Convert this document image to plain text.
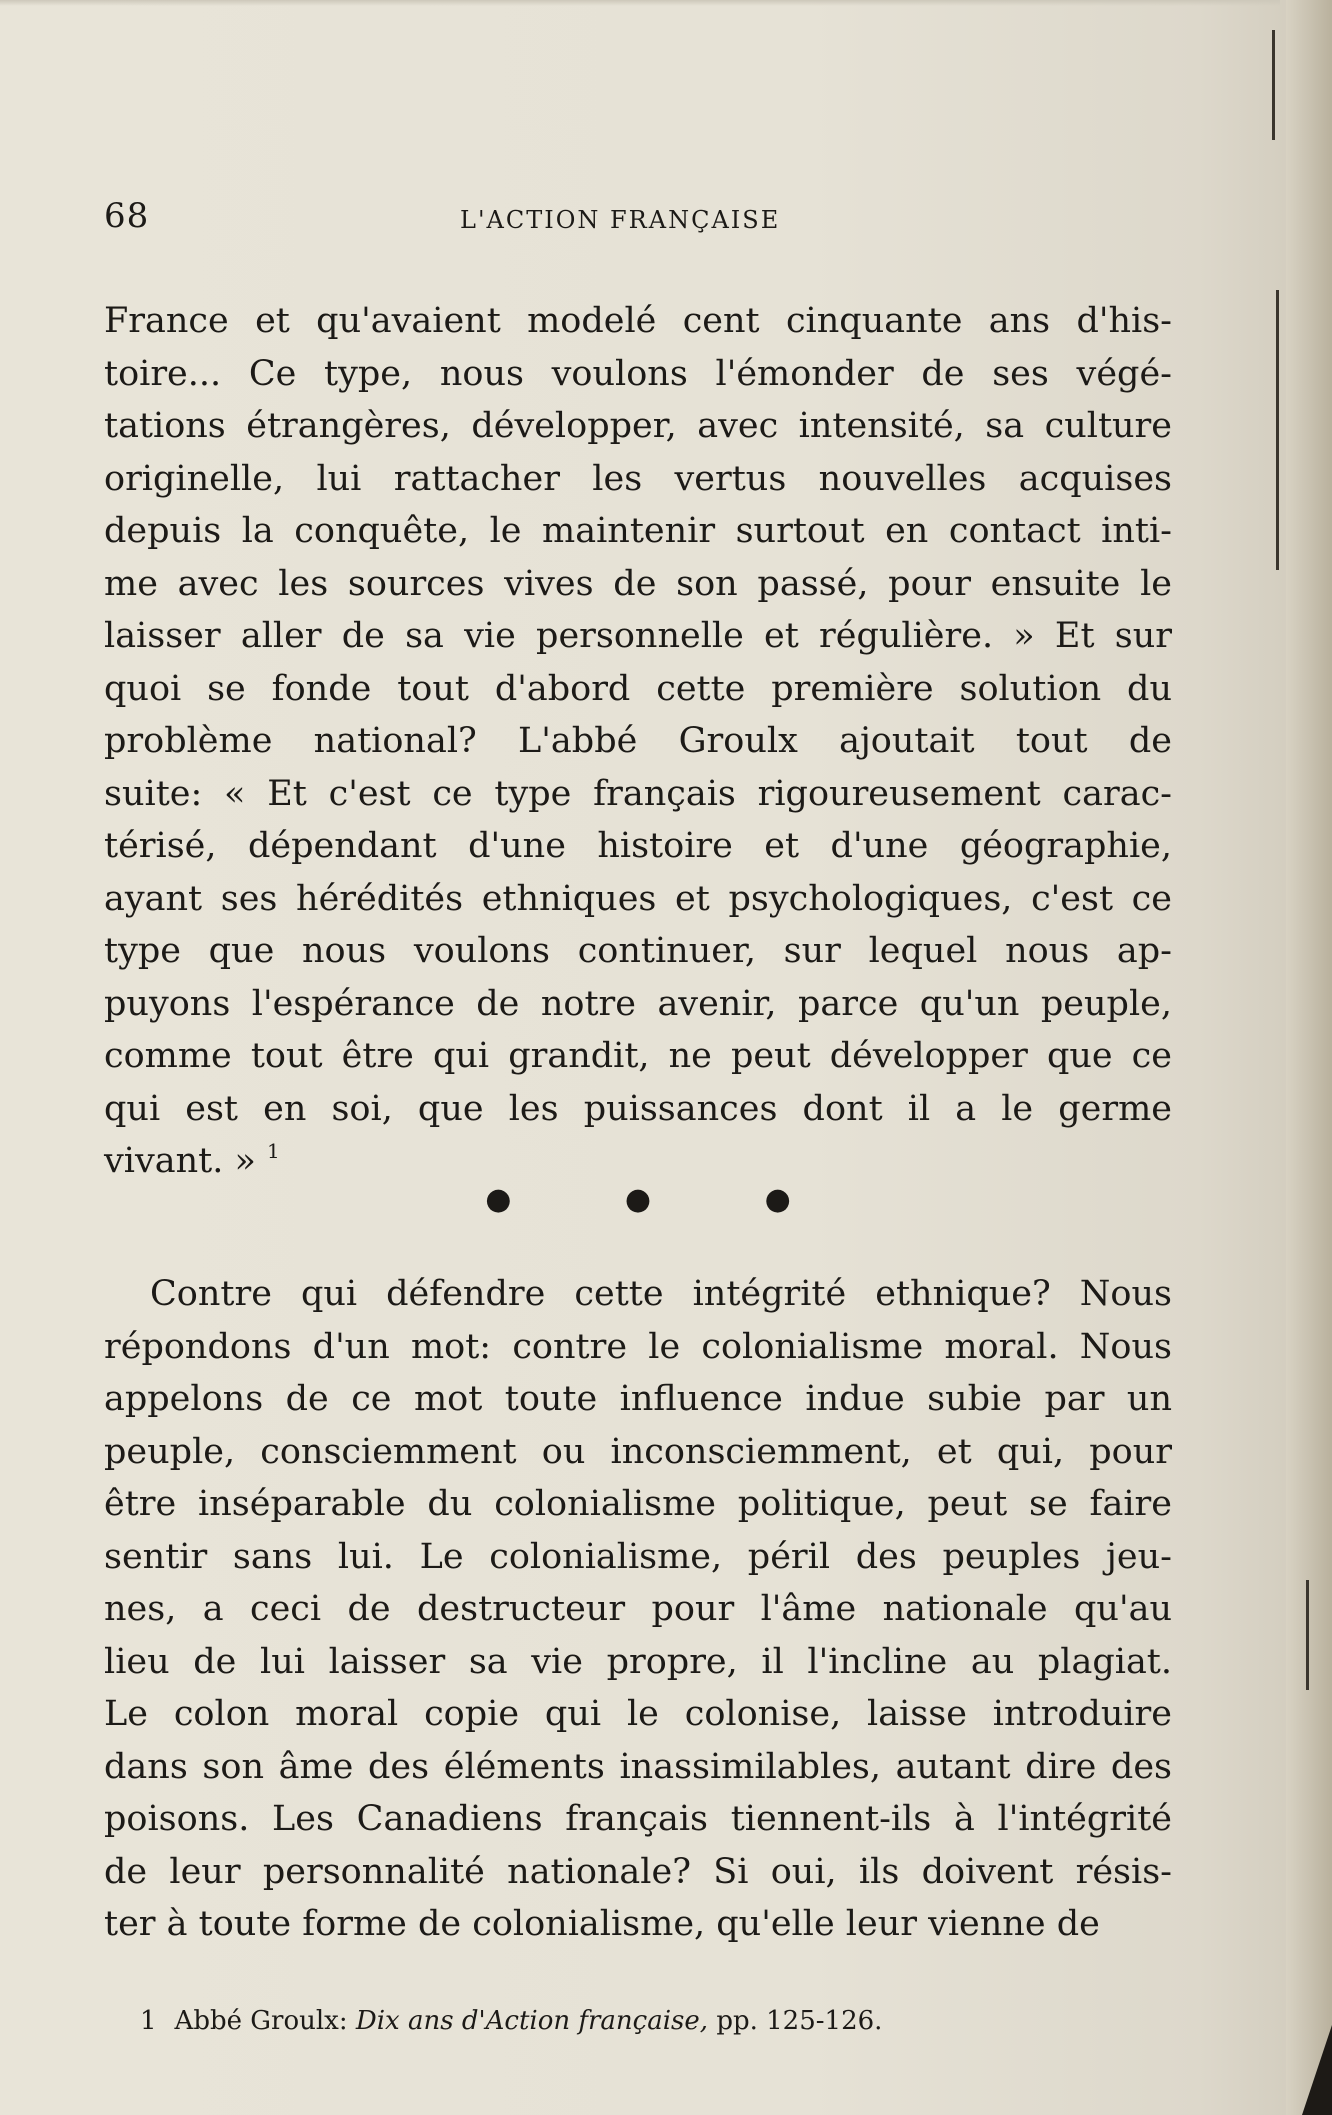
68	L'ACTION FRANÇAISE

France et qu'avaient modelé cent cinquante ans d'his-

toire... Ce type, nous voulons l'émonder de ses végé-

tations étrangères, développer, avec intensité, sa culture

originelle, lui rattacher les vertus nouvelles acquises

depuis la conquête, le maintenir surtout en contact inti-

me avec les sources vives de son passé, pour ensuite le

laisser aller de sa vie personnelle et régulière. » Et sur

quoi se fonde tout d'abord cette première solution du

problème national? L'abbé Groulx ajoutait tout de

suite: « Et c'est ce type français rigoureusement carac-

térisé, dépendant d'une histoire et d'une géographie,

ayant ses hérédités ethniques et psychologiques, c'est ce

type que nous voulons continuer, sur lequel nous ap-

puyons l'espérance de notre avenir, parce qu'un peuple,

comme tout être qui grandit, ne peut développer que ce

qui est en soi, que les puissances dont il a le germe

vivant. » $^1$

● ● ●

Contre qui défendre cette intégrité ethnique? Nous

répondons d'un mot: contre le colonialisme moral. Nous

appelons de ce mot toute influence indue subie par un

peuple, consciemment ou inconsciemment, et qui, pour

être inséparable du colonialisme politique, peut se faire

sentir sans lui. Le colonialisme, péril des peuples jeu-

nes, a ceci de destructeur pour l'âme nationale qu'au

lieu de lui laisser sa vie propre, il l'incline au plagiat.

Le colon moral copie qui le colonise, laisse introduire

dans son âme des éléments inassimilables, autant dire des

poisons. Les Canadiens français tiennent-ils à l'intégrité

de leur personnalité nationale? Si oui, ils doivent résis-

ter à toute forme de colonialisme, qu'elle leur vienne de

1 Abbé Groulx: Dix ans d'Action française, pp. 125-126.
